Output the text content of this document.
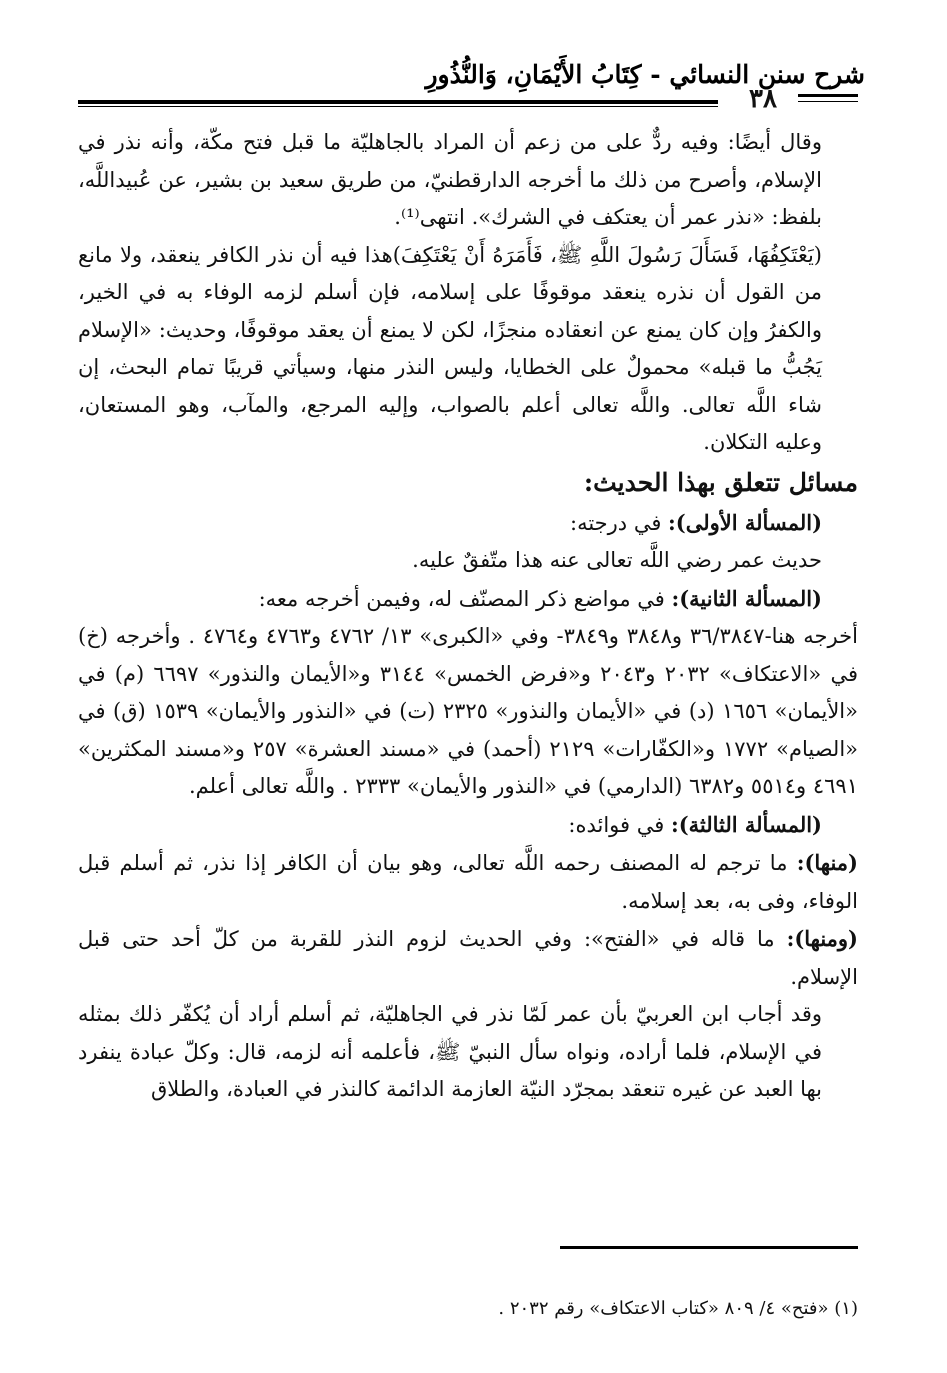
شرح سنن النسائي - كِتَابُ الأَيْمَانِ، وَالنُّذُورِ
٣٨

وقال أيضًا: وفيه ردٌّ على من زعم أن المراد بالجاهليّة ما قبل فتح مكّة، وأنه نذر في الإسلام، وأصرح من ذلك ما أخرجه الدارقطنيّ، من طريق سعيد بن بشير، عن عُبيداللَّه، بلفظ: «نذر عمر أن يعتكف في الشرك». انتهى⁽¹⁾.

(يَعْتَكِفُهَا، فَسَأَلَ رَسُولَ اللَّهِ ﷺ، فَأَمَرَهُ أَنْ يَعْتَكِفَ)هذا فيه أن نذر الكافر ينعقد، ولا مانع من القول أن نذره ينعقد موقوفًا على إسلامه، فإن أسلم لزمه الوفاء به في الخير، والكفرُ وإن كان يمنع عن انعقاده منجزًا، لكن لا يمنع أن يعقد موقوفًا، وحديث: «الإسلام يَجُبُّ ما قبله» محمولٌ على الخطايا، وليس النذر منها، وسيأتي قريبًا تمام البحث، إن شاء اللَّه تعالى. واللَّه تعالى أعلم بالصواب، وإليه المرجع، والمآب، وهو المستعان، وعليه التكلان.

مسائل تتعلق بهذا الحديث:

(المسألة الأولى): في درجته:

حديث عمر رضي اللَّه تعالى عنه هذا متّفقٌ عليه.

(المسألة الثانية): في مواضع ذكر المصنّف له، وفيمن أخرجه معه:

أخرجه هنا-٣٦/٣٨٤٧ و٣٨٤٨ و٣٨٤٩- وفي «الكبرى» ١٣/ ٤٧٦٢ و٤٧٦٣ و٤٧٦٤ . وأخرجه (خ) في «الاعتكاف» ٢٠٣٢ و٢٠٤٣ و«فرض الخمس» ٣١٤٤ و«الأيمان والنذور» ٦٦٩٧ (م) في «الأيمان» ١٦٥٦ (د) في «الأيمان والنذور» ٢٣٢٥ (ت) في «النذور والأيمان» ١٥٣٩ (ق) في «الصيام» ١٧٧٢ و«الكفّارات» ٢١٢٩ (أحمد) في «مسند العشرة» ٢٥٧ و«مسند المكثرين» ٤٦٩١ و٥٥١٤ و٦٣٨٢ (الدارمي) في «النذور والأيمان» ٢٣٣٣ . واللَّه تعالى أعلم.

(المسألة الثالثة): في فوائده:

(منها): ما ترجم له المصنف رحمه اللَّه تعالى، وهو بيان أن الكافر إذا نذر، ثم أسلم قبل الوفاء، وفى به، بعد إسلامه.

(ومنها): ما قاله في «الفتح»: وفي الحديث لزوم النذر للقربة من كلّ أحد حتى قبل الإسلام.

وقد أجاب ابن العربيّ بأن عمر لَمّا نذر في الجاهليّة، ثم أسلم أراد أن يُكفّر ذلك بمثله في الإسلام، فلما أراده، ونواه سأل النبيّ ﷺ، فأعلمه أنه لزمه، قال: وكلّ عبادة ينفرد بها العبد عن غيره تنعقد بمجرّد النيّة العازمة الدائمة كالنذر في العبادة، والطلاق

(١) «فتح» ٤/ ٨٠٩ «كتاب الاعتكاف» رقم ٢٠٣٢ .
